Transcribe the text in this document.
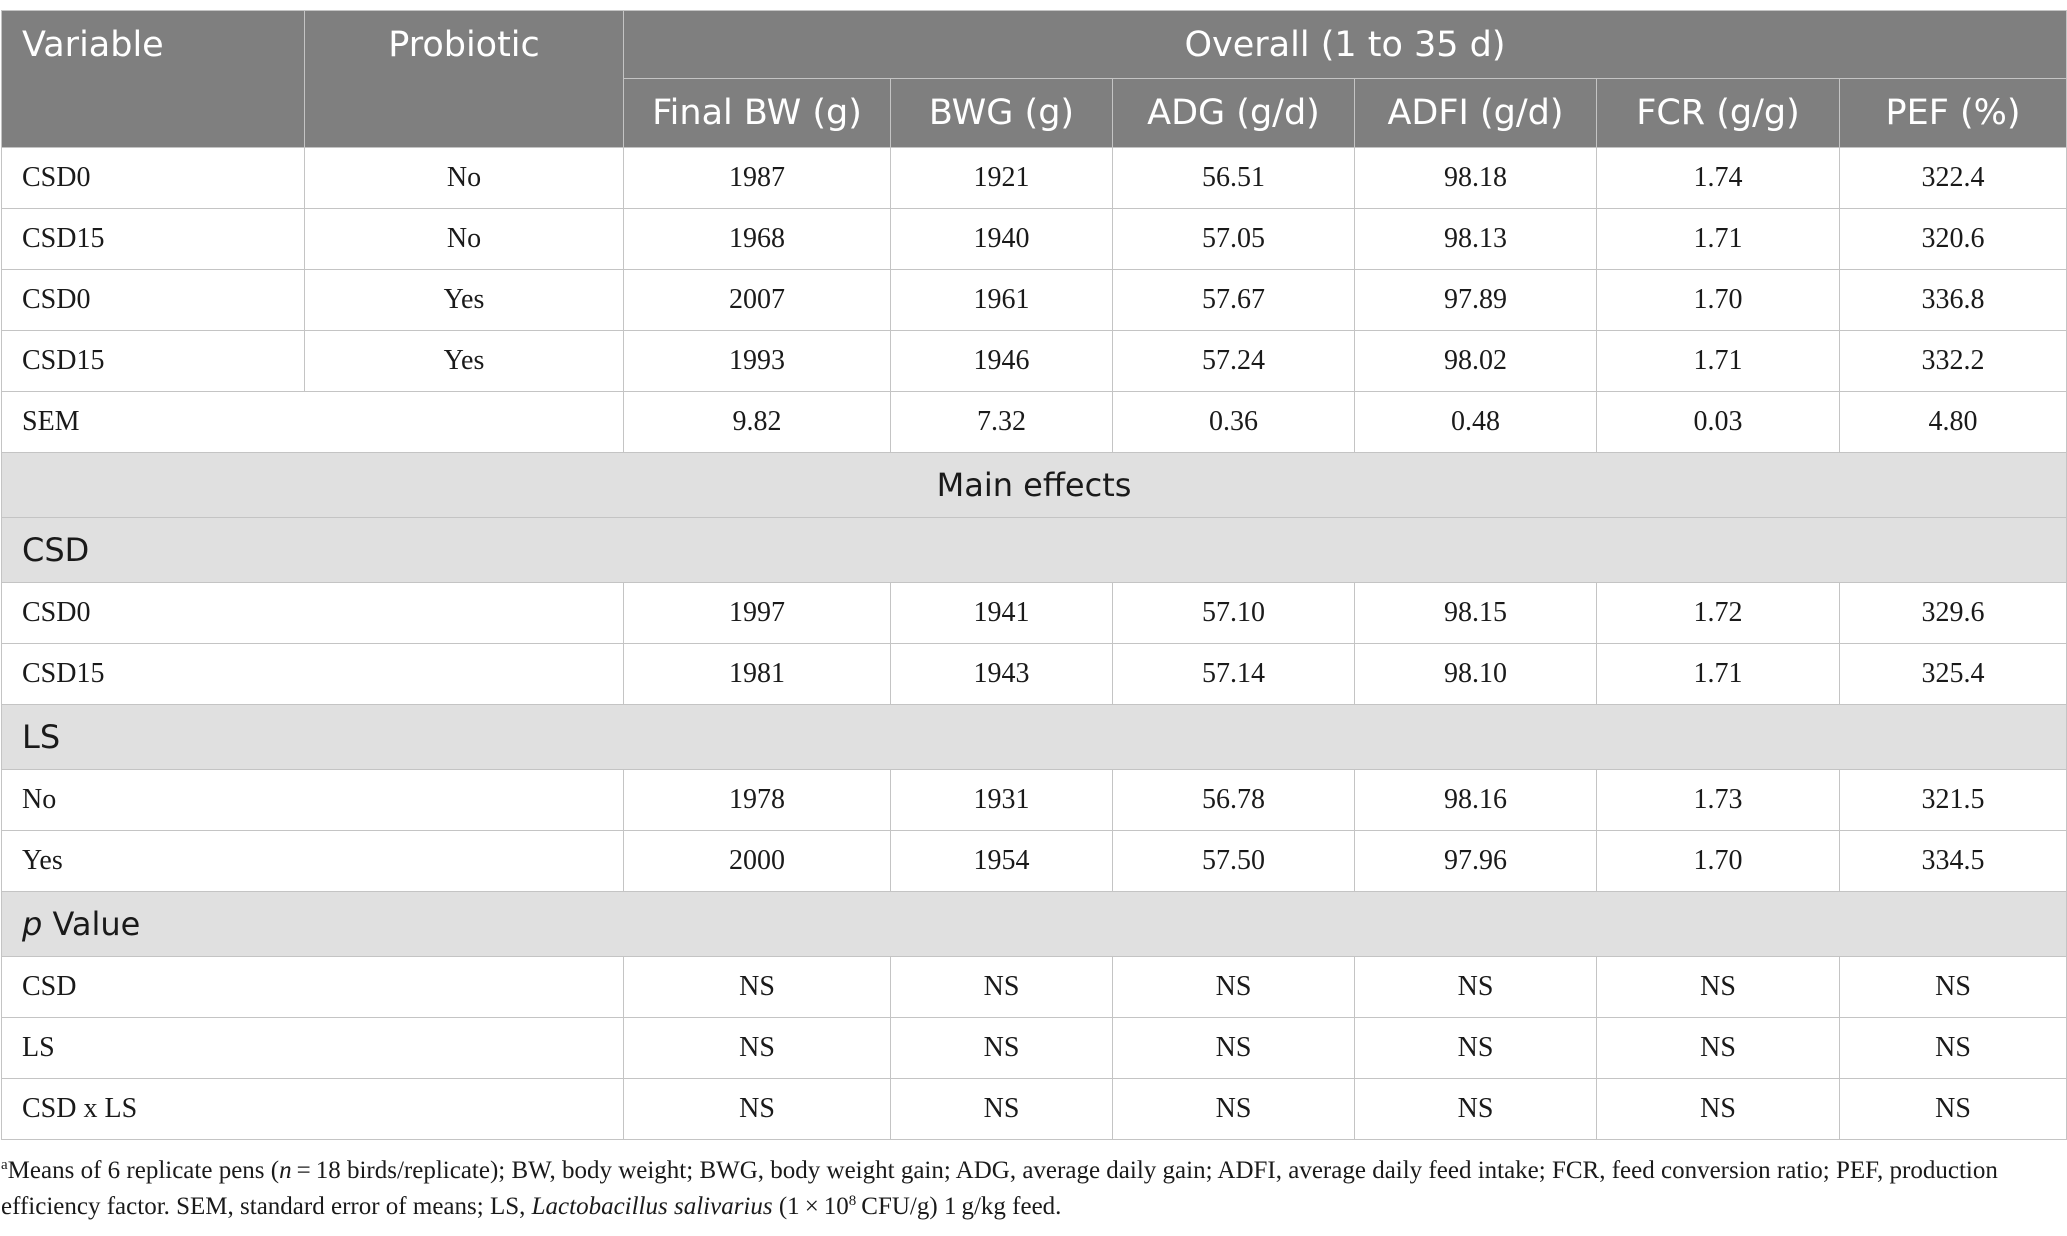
Variable	Probiotic	Overall (1 to 35 d)					
		Final BW (g)	BWG (g)	ADG (g/d)	ADFI (g/d)	FCR (g/g)	PEF (%)
CSD0	No	1987	1921	56.51	98.18	1.74	322.4
CSD15	No	1968	1940	57.05	98.13	1.71	320.6
CSD0	Yes	2007	1961	57.67	97.89	1.70	336.8
CSD15	Yes	1993	1946	57.24	98.02	1.71	332.2
SEM		9.82	7.32	0.36	0.48	0.03	4.80
Main effects							
CSD							
CSD0		1997	1941	57.10	98.15	1.72	329.6
CSD15		1981	1943	57.14	98.10	1.71	325.4
LS							
No		1978	1931	56.78	98.16	1.73	321.5
Yes		2000	1954	57.50	97.96	1.70	334.5
p Value							
CSD		NS	NS	NS	NS	NS	NS
LS		NS	NS	NS	NS	NS	NS
CSD x LS		NS	NS	NS	NS	NS	NS
$^a$Means of 6 replicate pens (n = 18 birds/replicate); BW, body weight; BWG, body weight gain; ADG, average daily gain; ADFI, average daily feed intake; FCR, feed conversion ratio; PEF, production efficiency factor. SEM, standard error of means; LS, Lactobacillus salivarius ($1 \times 10^8$ CFU/g) 1 g/kg feed.
